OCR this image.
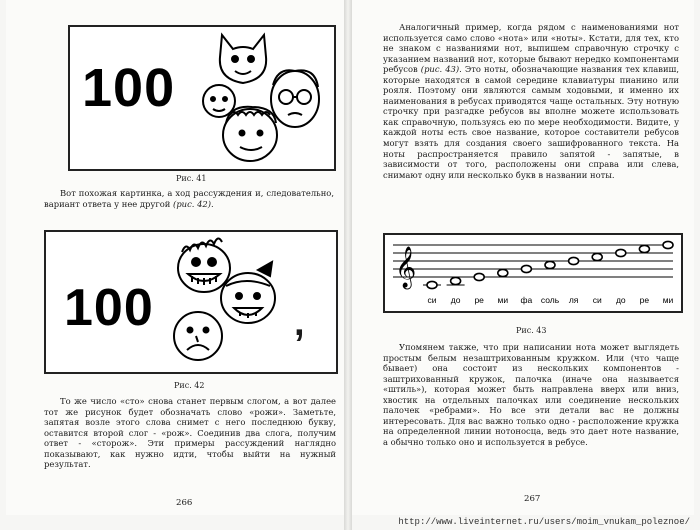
100
Рис. 41
Вот похожая картинка, а ход рассуждения и, следовательно, вариант ответа у нее другой (рис. 42).
100	,
Рис. 42
То же число «сто» снова станет первым слогом, а вот далее тот же рисунок будет обозначать слово «рожи». Заметьте, запятая возле этого слова снимет с него последнюю букву, оставится второй слог - «рож». Соединив два слога, получим ответ - «сторож». Эти примеры рассуждений наглядно показывают, как нужно идти, чтобы выйти на нужный результат.
266
Аналогичный пример, когда рядом с наименованиями нот используется само слово «нота» или «ноты». Кстати, для тех, кто не знаком с названиями нот, выпишем справочную строчку с указанием названий нот, которые бывают нередко компонентами ребусов (рис. 43). Это ноты, обозначающие названия тех клавиш, которые находятся в самой середине клавиатуры пианино или рояля. Поэтому они являются самым ходовыми, и именно их наименования в ребусах приводятся чаще остальных. Эту нотную строчку при разгадке ребусов вы вполне можете использовать как справочную, пользуясь ею по мере необходимости. Видите, у каждой ноты есть свое название, которое составители ребусов могут взять для создания своего зашифрованного текста. На ноты распространяется правило запятой - запятые, в зависимости от того, расположены они справа или слева, снимают одну или несколько букв в названии ноты.
𝄞
си до ре ми фа соль ля си до ре ми
Рис. 43
Упомянем также, что при написании нота может выглядеть простым белым незаштрихованным кружком. Или (что чаще бывает) она состоит из нескольких компонентов - заштрихованный кружок, палочка (иначе она называется «штиль»), которая может быть направлена вверх или вниз, хвостик на отдельных палочках или соединение нескольких палочек «ребрами». Но все эти детали вас не должны интересовать. Для вас важно только одно - расположение кружка на определенной линии нотоносца, ведь это дает ноте название, а обычно только оно и используется в ребусе.
267
http://www.liveinternet.ru/users/moim_vnukam_poleznoe/
